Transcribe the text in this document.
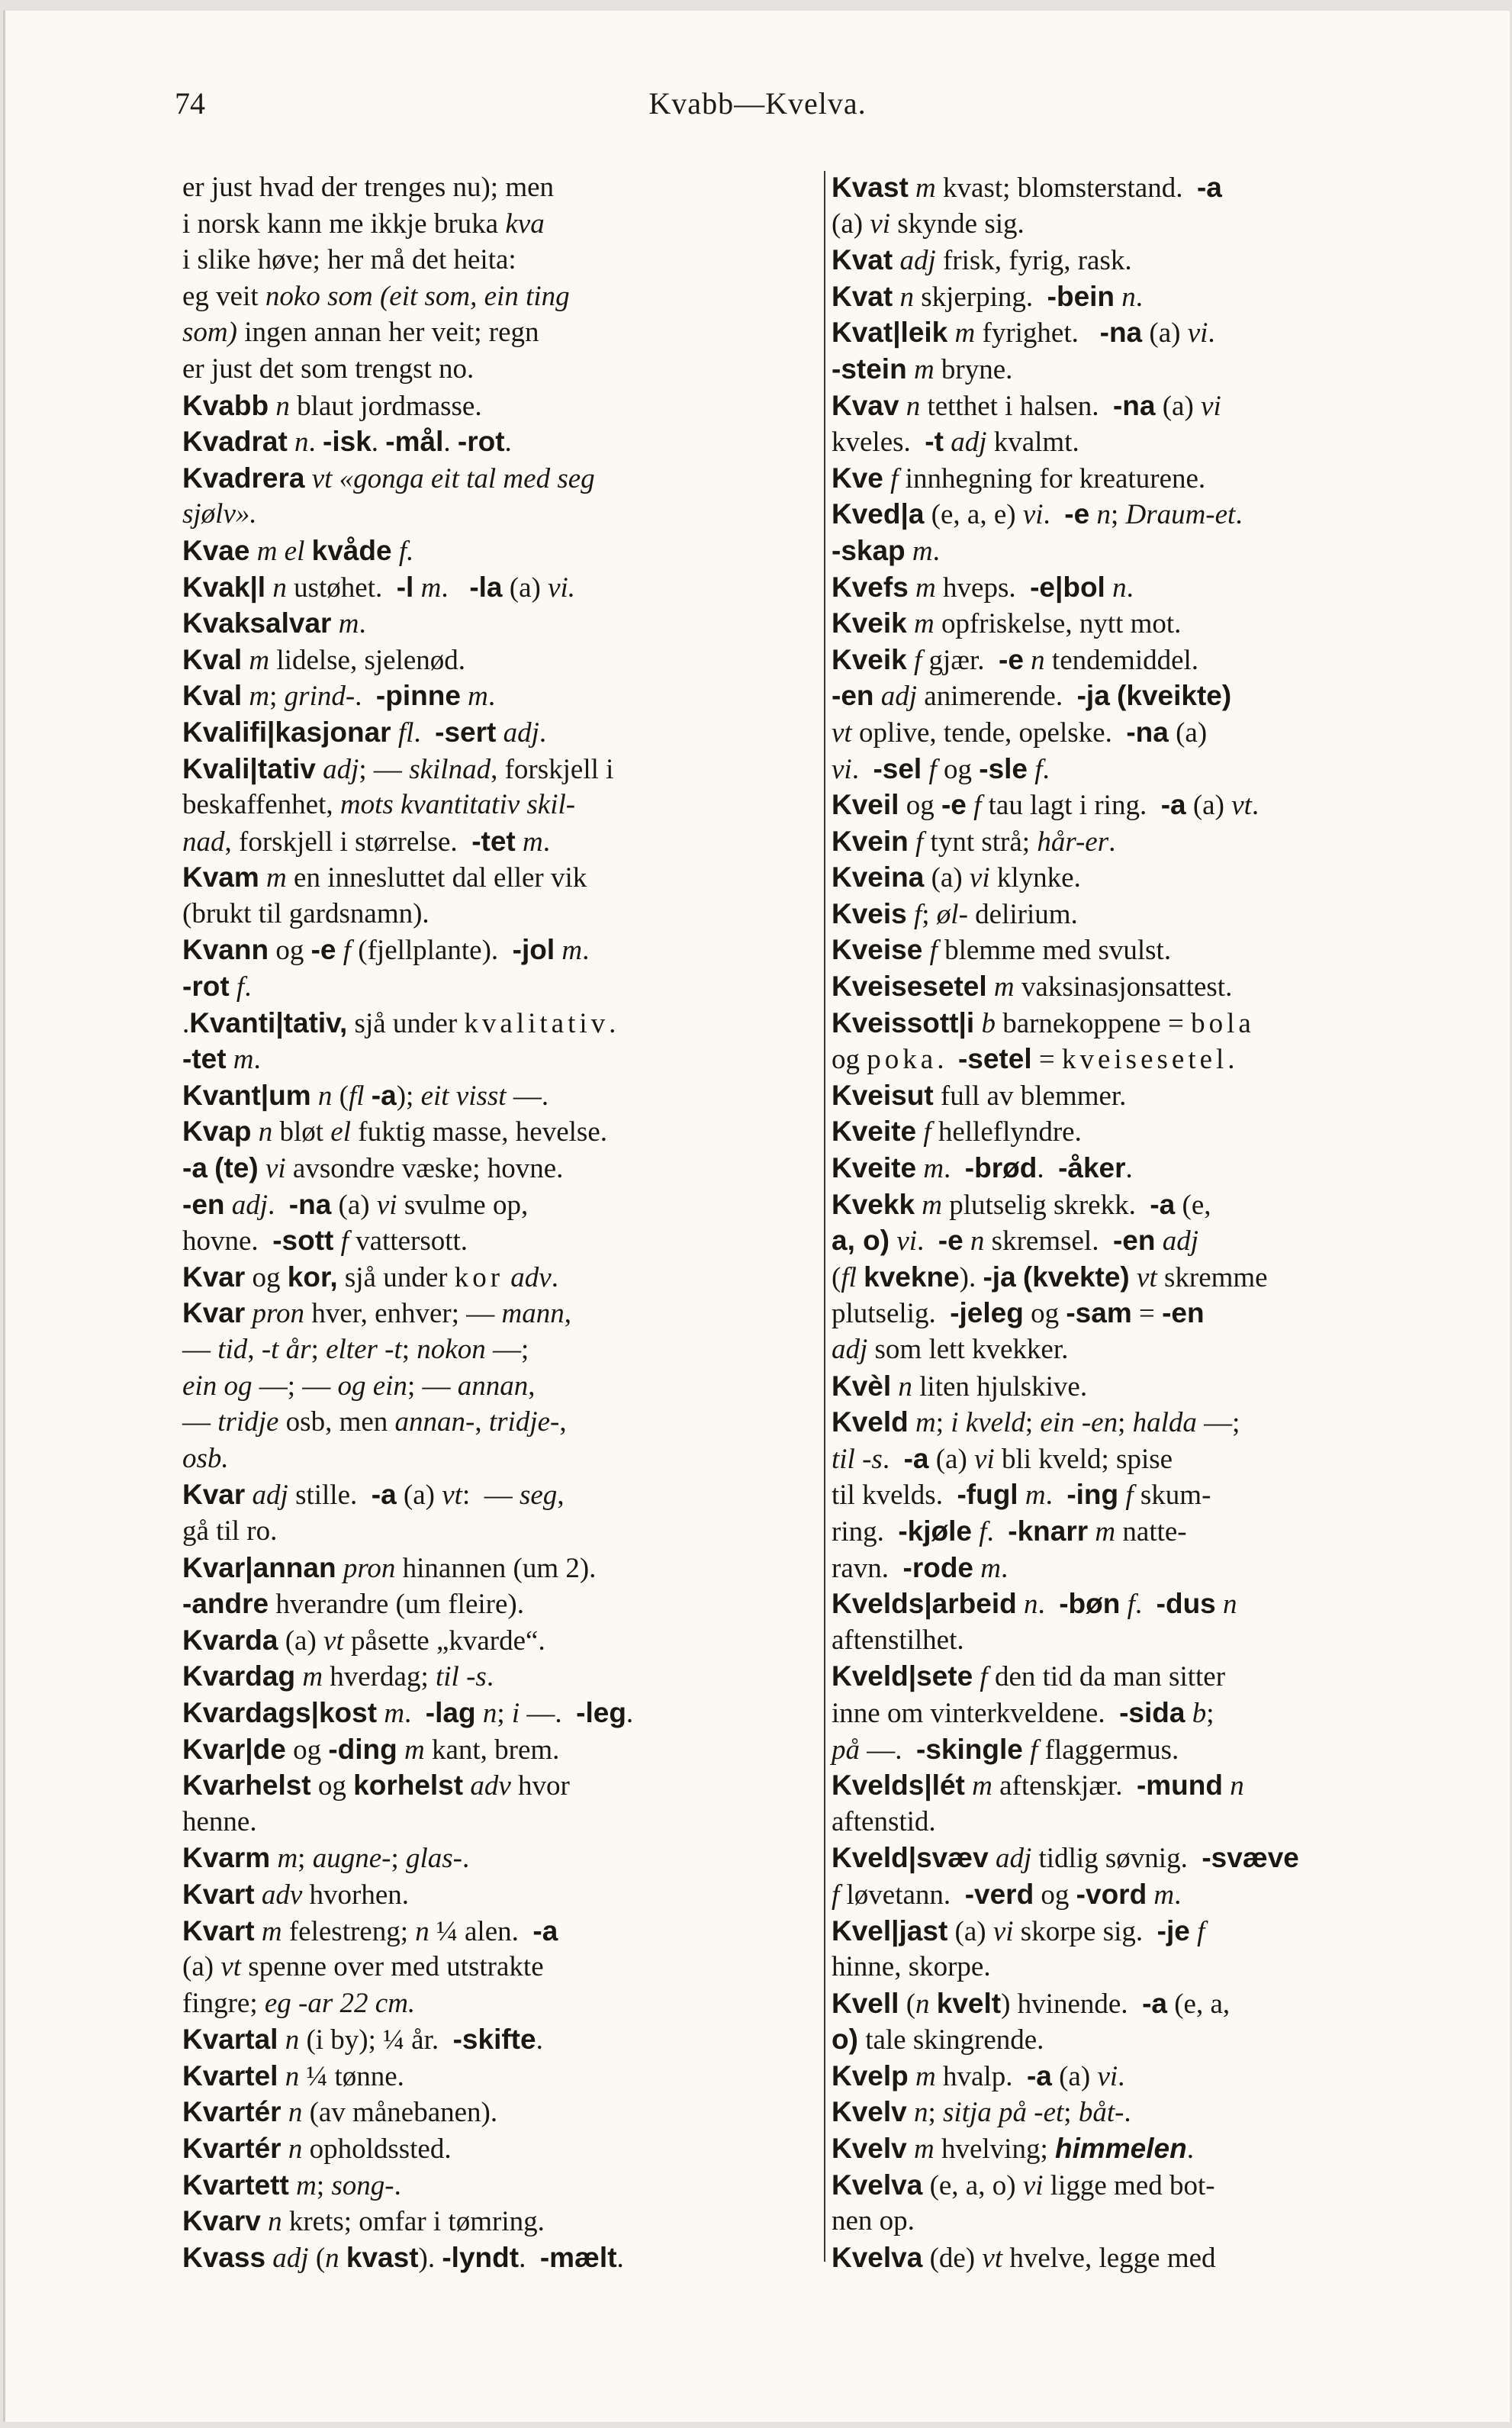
74	Kvabb—Kvelva.
er just hvad der trenges nu); men
i norsk kann me ikkje bruka kva
i slike høve; her må det heita:
eg veit noko som (eit som, ein ting
som) ingen annan her veit; regn
er just det som trengst no.
Kvabb n blaut jordmasse.
Kvadrat n. -isk. -mål. -rot.
Kvadrera vt «gonga eit tal med seg
sjølv».
Kvae m el kvåde f.
Kvak|l n ustøhet.  -l m.   -la (a) vi.
Kvaksalvar m.
Kval m lidelse, sjelenød.
Kval m; grind-.  -pinne m.
Kvalifi|kasjonar fl.  -sert adj.
Kvali|tativ adj; — skilnad, forskjell i
beskaffenhet, mots kvantitativ skil-
nad, forskjell i størrelse.  -tet m.
Kvam m en innesluttet dal eller vik
(brukt til gardsnamn).
Kvann og -e f (fjellplante).  -jol m.
-rot f.
.Kvanti|tativ, sjå under kvalitativ.
-tet m.
Kvant|um n (fl -a); eit visst —.
Kvap n bløt el fuktig masse, hevelse.
-a (te) vi avsondre væske; hovne.
-en adj.  -na (a) vi svulme op,
hovne.  -sott f vattersott.
Kvar og kor, sjå under kor adv.
Kvar pron hver, enhver; — mann,
— tid, -t år; elter -t; nokon —;
ein og —; — og ein; — annan,
— tridje osb, men annan-, tridje-,
osb.
Kvar adj stille.  -a (a) vt:  — seg,
gå til ro.
Kvar|annan pron hinannen (um 2).
-andre hverandre (um fleire).
Kvarda (a) vt påsette „kvarde“.
Kvardag m hverdag; til -s.
Kvardags|kost m.  -lag n; i —.  -leg.
Kvar|de og -ding m kant, brem.
Kvarhelst og korhelst adv hvor
henne.
Kvarm m; augne-; glas-.
Kvart adv hvorhen.
Kvart m felestreng; n ¼ alen.  -a
(a) vt spenne over med utstrakte
fingre; eg -ar 22 cm.
Kvartal n (i by); ¼ år.  -skifte.
Kvartel n ¼ tønne.
Kvartér n (av månebanen).
Kvartér n opholdssted.
Kvartett m; song-.
Kvarv n krets; omfar i tømring.
Kvass adj (n kvast). -lyndt.  -mælt.
Kvast m kvast; blomsterstand.  -a
(a) vi skynde sig.
Kvat adj frisk, fyrig, rask.
Kvat n skjerping.  -bein n.
Kvat|leik m fyrighet.   -na (a) vi.
-stein m bryne.
Kvav n tetthet i halsen.  -na (a) vi
kveles.  -t adj kvalmt.
Kve f innhegning for kreaturene.
Kved|a (e, a, e) vi.  -e n; Draum-et.
-skap m.
Kvefs m hveps.  -e|bol n.
Kveik m opfriskelse, nytt mot.
Kveik f gjær.  -e n tendemiddel.
-en adj animerende.  -ja (kveikte)
vt oplive, tende, opelske.  -na (a)
vi.  -sel f og -sle f.
Kveil og -e f tau lagt i ring.  -a (a) vt.
Kvein f tynt strå; hår-er.
Kveina (a) vi klynke.
Kveis f; øl- delirium.
Kveise f blemme med svulst.
Kveisesetel m vaksinasjonsattest.
Kveissott|i b barnekoppene = bola
og poka.  -setel = kveisesetel.
Kveisut full av blemmer.
Kveite f helleflyndre.
Kveite m.  -brød.  -åker.
Kvekk m plutselig skrekk.  -a (e,
a, o) vi.  -e n skremsel.  -en adj
(fl kvekne). -ja (kvekte) vt skremme
plutselig.  -jeleg og -sam = -en
adj som lett kvekker.
Kvèl n liten hjulskive.
Kveld m; i kveld; ein -en; halda —;
til -s.  -a (a) vi bli kveld; spise
til kvelds.  -fugl m.  -ing f skum-
ring.  -kjøle f.  -knarr m natte-
ravn.  -rode m.
Kvelds|arbeid n.  -bøn f.  -dus n
aftenstilhet.
Kveld|sete f den tid da man sitter
inne om vinterkveldene.  -sida b;
på —.  -skingle f flaggermus.
Kvelds|lét m aftenskjær.  -mund n
aftenstid.
Kveld|svæv adj tidlig søvnig.  -svæve
f løvetann.  -verd og -vord m.
Kvel|jast (a) vi skorpe sig.  -je f
hinne, skorpe.
Kvell (n kvelt) hvinende.  -a (e, a,
o) tale skingrende.
Kvelp m hvalp.  -a (a) vi.
Kvelv n; sitja på -et; båt-.
Kvelv m hvelving; himmelen.
Kvelva (e, a, o) vi ligge med bot-
nen op.
Kvelva (de) vt hvelve, legge med
